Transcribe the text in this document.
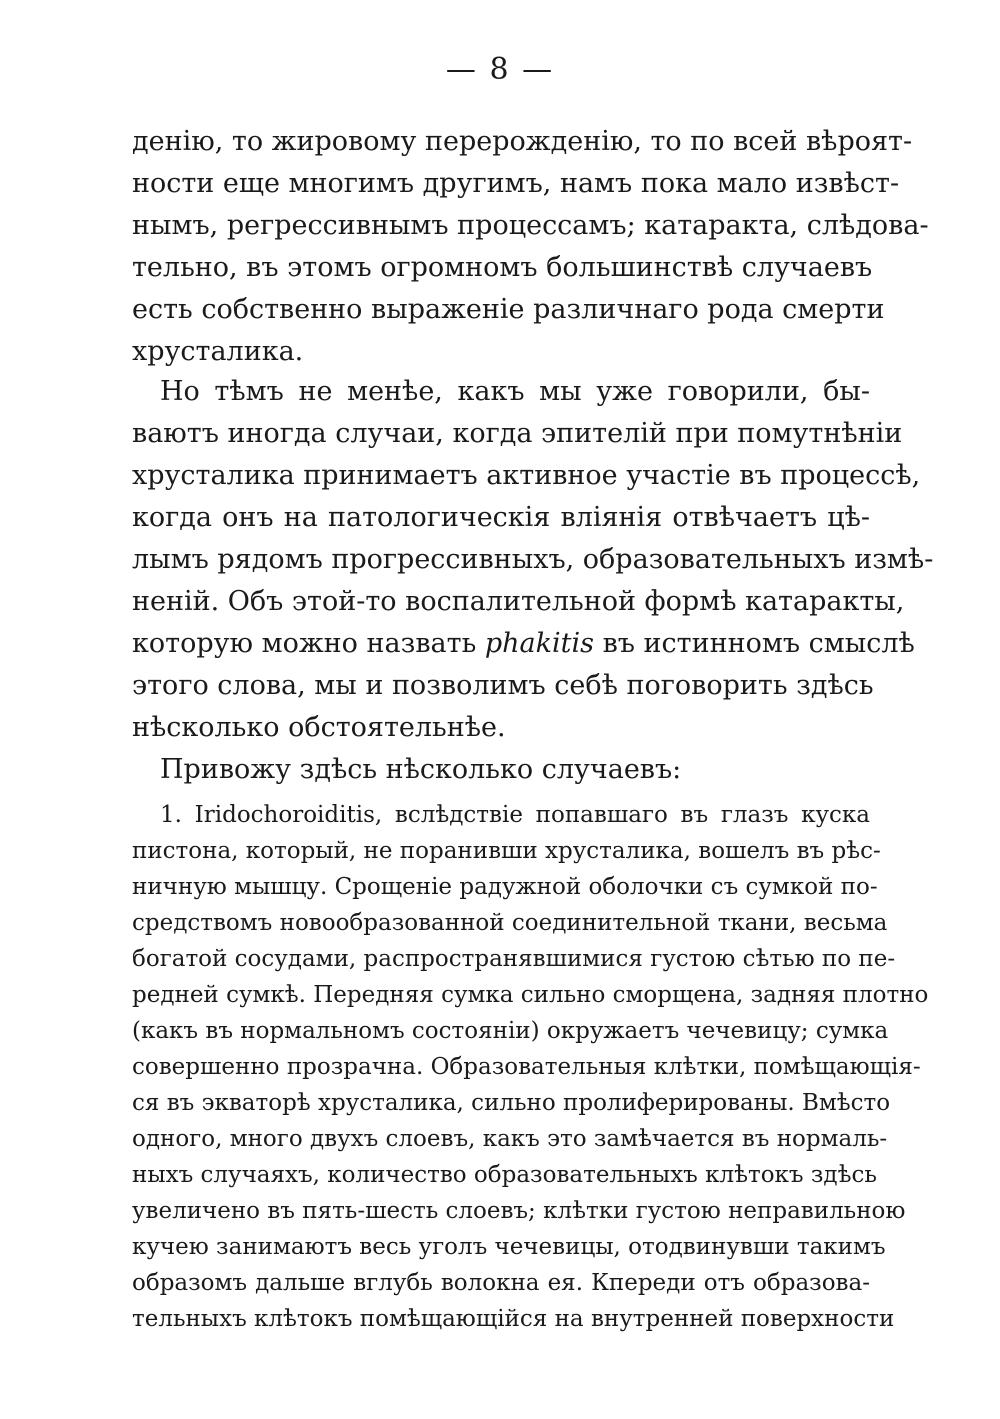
— 8 —
денію, то жировому перерожденію, то по всей вѣроят-
ности еще многимъ другимъ, намъ пока мало извѣст-
нымъ, регрессивнымъ процессамъ; катаракта, слѣдова-
тельно, въ этомъ огромномъ большинствѣ случаевъ
есть собственно выраженіе различнаго рода смерти
хрусталика.
Но тѣмъ не менѣе, какъ мы уже говорили, бы-
ваютъ иногда случаи, когда эпителій при помутнѣніи
хрусталика принимаетъ активное участіе въ процессѣ,
когда онъ на патологическія вліянія отвѣчаетъ цѣ-
лымъ рядомъ прогрессивныхъ, образовательныхъ измѣ-
неній. Объ этой-то воспалительной формѣ катаракты,
которую можно назвать phakitis въ истинномъ смыслѣ
этого слова, мы и позволимъ себѣ поговорить здѣсь
нѣсколько обстоятельнѣе.
Привожу здѣсь нѣсколько случаевъ:
1. Iridochoroiditis, вслѣдствіе попавшаго въ глазъ куска
пистона, который, не поранивши хрусталика, вошелъ въ рѣс-
ничную мышцу. Срощеніе радужной оболочки съ сумкой по-
средствомъ новообразованной соединительной ткани, весьма
богатой сосудами, распространявшимися густою сѣтью по пе-
редней сумкѣ. Передняя сумка сильно сморщена, задняя плотно
(какъ въ нормальномъ состояніи) окружаетъ чечевицу; сумка
совершенно прозрачна. Образовательныя клѣтки, помѣщающія-
ся въ экваторѣ хрусталика, сильно пролиферированы. Вмѣсто
одного, много двухъ слоевъ, какъ это замѣчается въ нормаль-
ныхъ случаяхъ, количество образовательныхъ клѣтокъ здѣсь
увеличено въ пять-шесть слоевъ; клѣтки густою неправильною
кучею занимаютъ весь уголъ чечевицы, отодвинувши такимъ
образомъ дальше вглубь волокна ея. Кпереди отъ образова-
тельныхъ клѣтокъ помѣщающійся на внутренней поверхности
